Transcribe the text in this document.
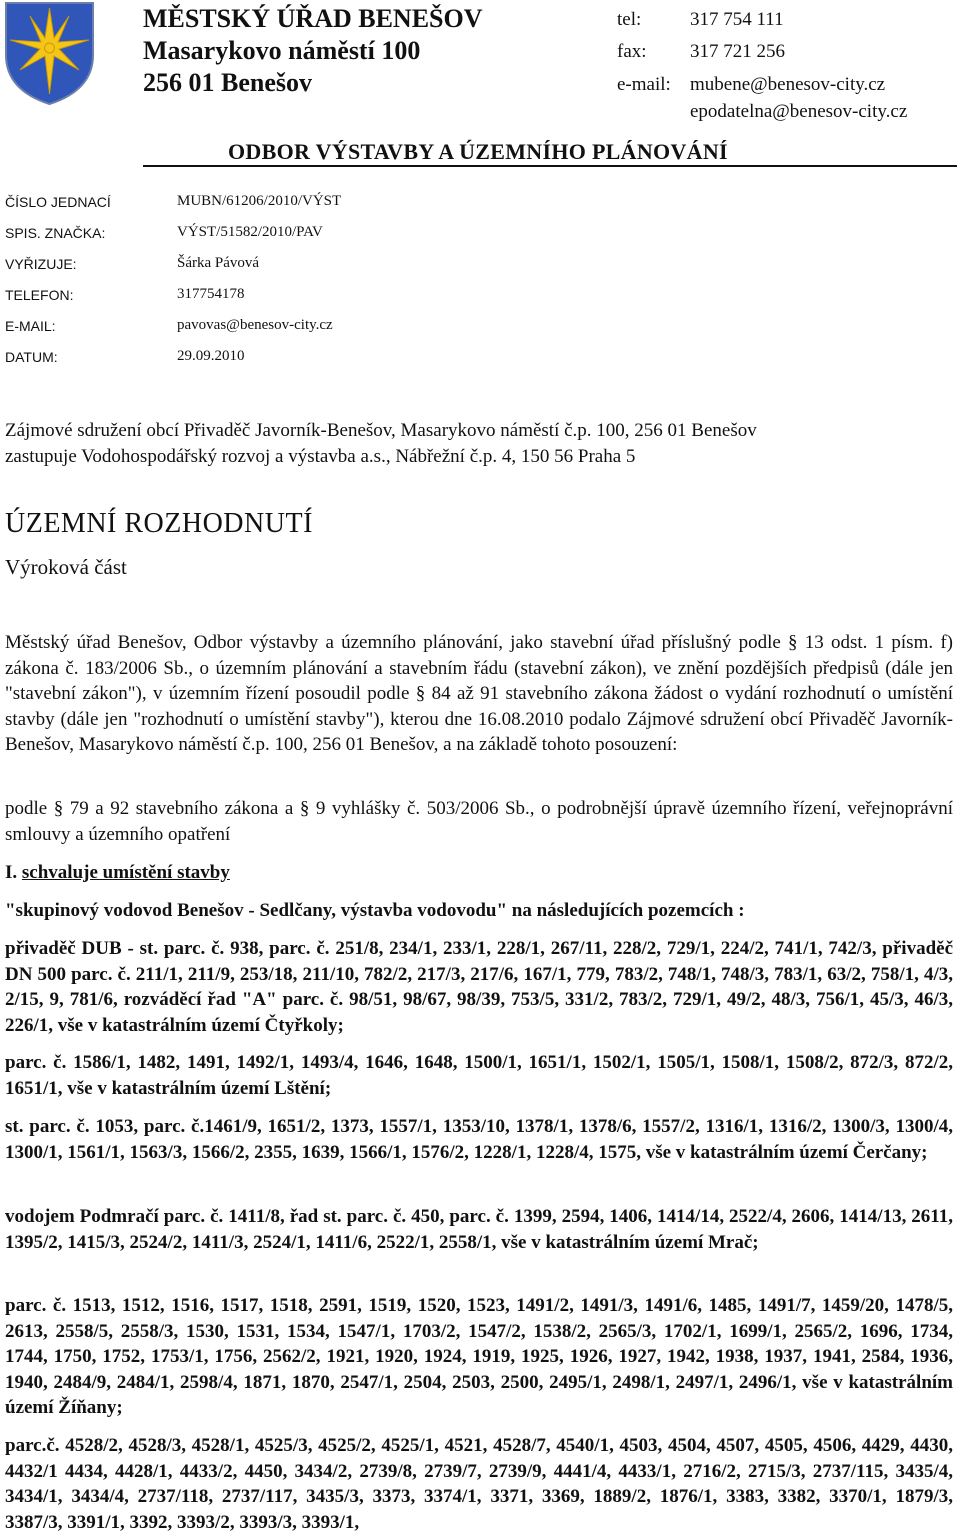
MĚSTSKÝ ÚŘAD BENEŠOV
Masarykovo náměstí 100
256 01 Benešov
tel:	317 754 111
fax: 317 721 256
e-mail: mubene@benesov-city.cz
epodatelna@benesov-city.cz
ODBOR VÝSTAVBY A ÚZEMNÍHO PLÁNOVÁNÍ
ČÍSLO JEDNACÍ	MUBN/61206/2010/VÝST
SPIS. ZNAČKA:	VÝST/51582/2010/PAV
VYŘIZUJE:	Šárka Pávová
TELEFON:	317754178
E-MAIL:	pavovas@benesov-city.cz
DATUM:	29.09.2010
Zájmové sdružení obcí Přivaděč Javorník-Benešov, Masarykovo náměstí č.p. 100, 256 01 Benešov
zastupuje Vodohospodářský rozvoj a výstavba a.s., Nábřežní č.p. 4, 150 56 Praha 5
ÚZEMNÍ ROZHODNUTÍ
Výroková část

Městský úřad Benešov, Odbor výstavby a územního plánování, jako stavební úřad příslušný podle § 13 odst. 1 písm. f) zákona č. 183/2006 Sb., o územním plánování a stavebním řádu (stavební zákon), ve znění pozdějších předpisů (dále jen "stavební zákon"), v územním řízení posoudil podle § 84 až 91 stavebního zákona žádost o vydání rozhodnutí o umístění stavby (dále jen "rozhodnutí o umístění stavby"), kterou dne 16.08.2010 podalo Zájmové sdružení obcí Přivaděč Javorník-Benešov, Masarykovo náměstí č.p. 100, 256 01 Benešov, a na základě tohoto posouzení:

podle § 79 a 92 stavebního zákona a § 9 vyhlášky č. 503/2006 Sb., o podrobnější úpravě územního řízení, veřejnoprávní smlouvy a územního opatření

I. schvaluje umístění stavby
"skupinový vodovod Benešov - Sedlčany, výstavba vodovodu" na následujících pozemcích :

přivaděč DUB - st. parc. č. 938, parc. č. 251/8, 234/1, 233/1, 228/1, 267/11, 228/2, 729/1, 224/2, 741/1, 742/3, přivaděč DN 500 parc. č. 211/1, 211/9, 253/18, 211/10, 782/2, 217/3, 217/6, 167/1, 779, 783/2, 748/1, 748/3, 783/1, 63/2, 758/1, 4/3, 2/15, 9, 781/6, rozváděcí řad "A" parc. č. 98/51, 98/67, 98/39, 753/5, 331/2, 783/2, 729/1, 49/2, 48/3, 756/1, 45/3, 46/3, 226/1, vše v katastrálním území Čtyřkoly;

parc. č. 1586/1, 1482, 1491, 1492/1, 1493/4, 1646, 1648, 1500/1, 1651/1, 1502/1, 1505/1, 1508/1, 1508/2, 872/3, 872/2, 1651/1, vše v katastrálním území Lštění;

st. parc. č. 1053, parc. č.1461/9, 1651/2, 1373, 1557/1, 1353/10, 1378/1, 1378/6, 1557/2, 1316/1, 1316/2, 1300/3, 1300/4, 1300/1, 1561/1, 1563/3, 1566/2, 2355, 1639, 1566/1, 1576/2, 1228/1, 1228/4, 1575, vše v katastrálním území Čerčany;

vodojem Podmračí parc. č. 1411/8, řad st. parc. č. 450, parc. č. 1399, 2594, 1406, 1414/14, 2522/4, 2606, 1414/13, 2611, 1395/2, 1415/3, 2524/2, 1411/3, 2524/1, 1411/6, 2522/1, 2558/1, vše v katastrálním území Mrač;

parc. č. 1513, 1512, 1516, 1517, 1518, 2591, 1519, 1520, 1523, 1491/2, 1491/3, 1491/6, 1485, 1491/7, 1459/20, 1478/5, 2613, 2558/5, 2558/3, 1530, 1531, 1534, 1547/1, 1703/2, 1547/2, 1538/2, 2565/3, 1702/1, 1699/1, 2565/2, 1696, 1734, 1744, 1750, 1752, 1753/1, 1756, 2562/2, 1921, 1920, 1924, 1919, 1925, 1926, 1927, 1942, 1938, 1937, 1941, 2584, 1936, 1940, 2484/9, 2484/1, 2598/4, 1871, 1870, 2547/1, 2504, 2503, 2500, 2495/1, 2498/1, 2497/1, 2496/1, vše v katastrálním území Žíňany;

parc.č. 4528/2, 4528/3, 4528/1, 4525/3, 4525/2, 4525/1, 4521, 4528/7, 4540/1, 4503, 4504, 4507, 4505, 4506, 4429, 4430, 4432/1 4434, 4428/1, 4433/2, 4450, 3434/2, 2739/8, 2739/7, 2739/9, 4441/4, 4433/1, 2716/2, 2715/3, 2737/115, 3435/4, 3434/1, 3434/4, 2737/118, 2737/117, 3435/3, 3373, 3374/1, 3371, 3369, 1889/2, 1876/1, 3383, 3382, 3370/1, 1879/3, 3387/3, 3391/1, 3392, 3393/2, 3393/3, 3393/1,
